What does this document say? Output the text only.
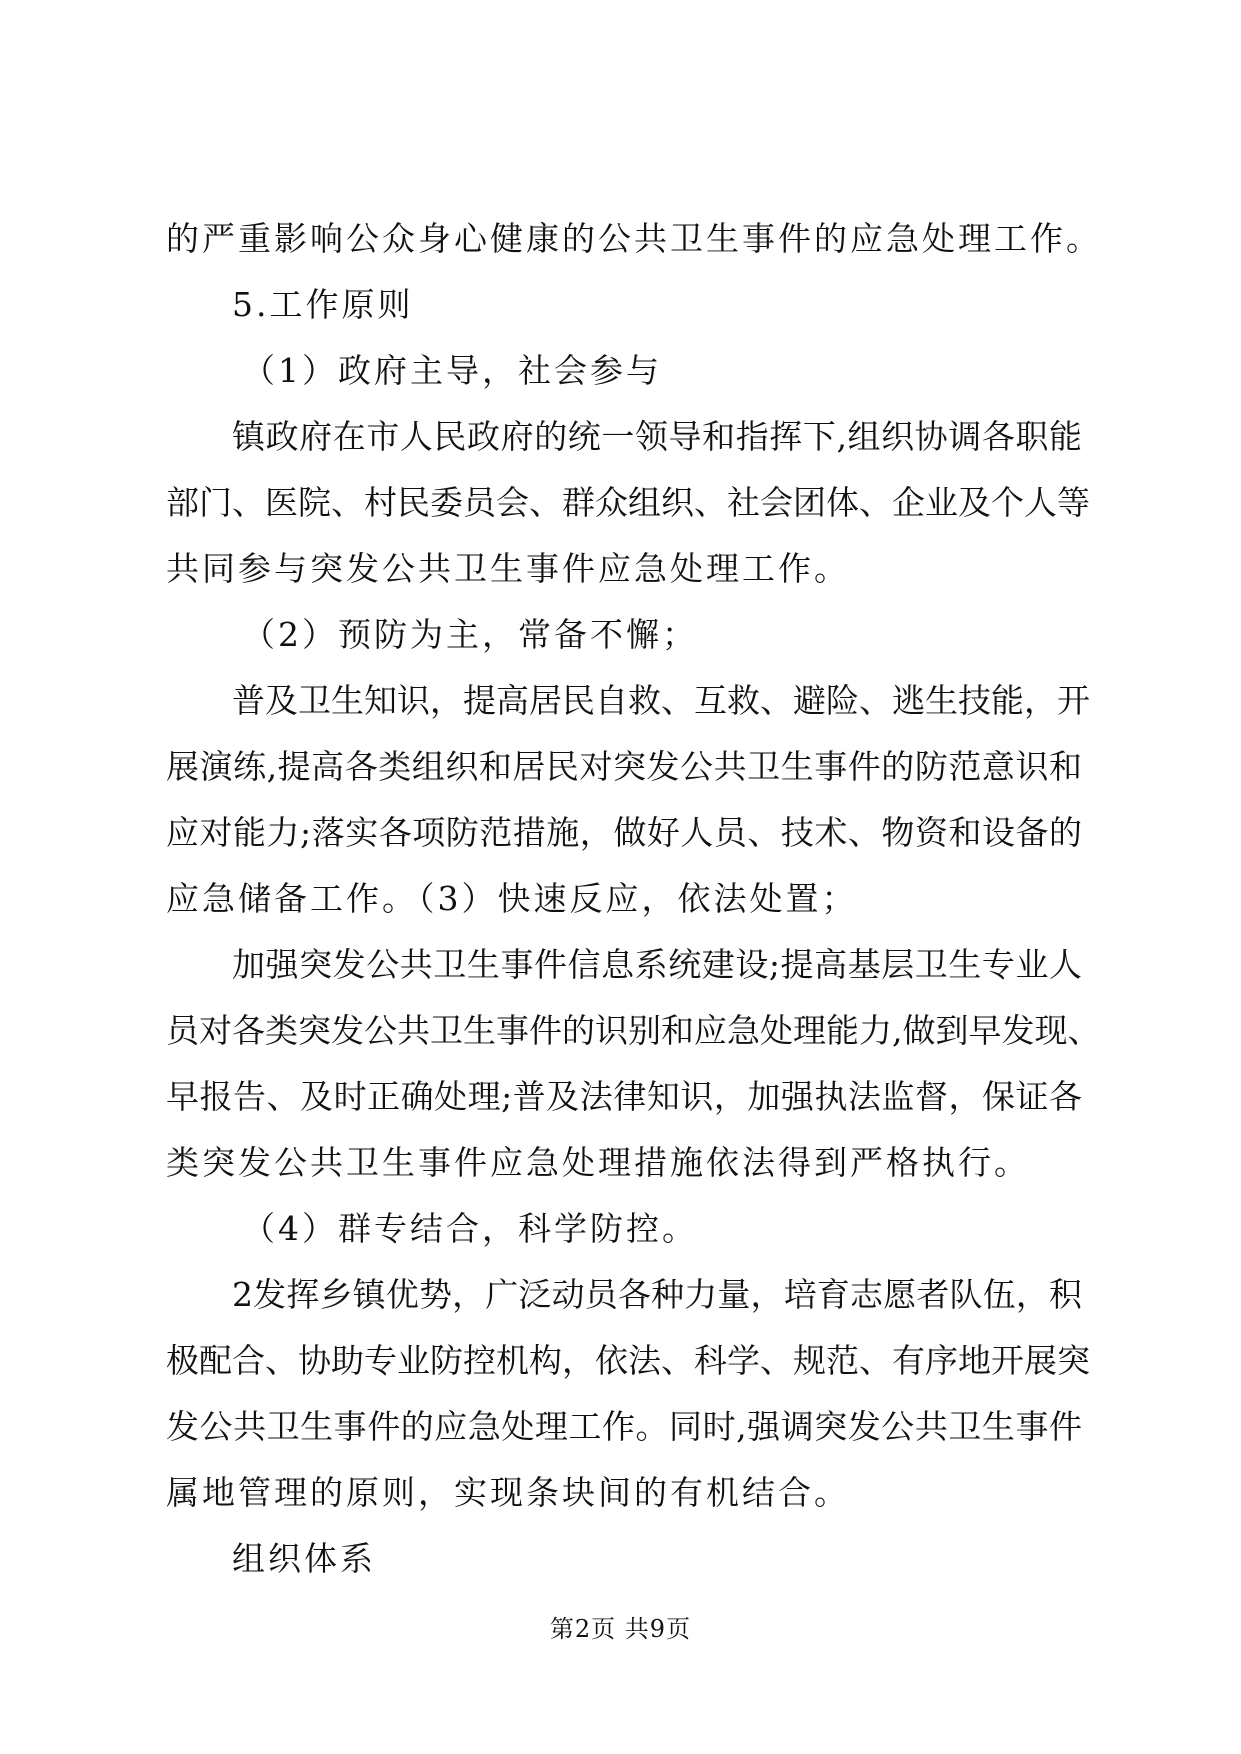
的严重影响公众身心健康的公共卫生事件的应急处理工作。
5.工作原则
（1）政府主导，社会参与
镇政府在市人民政府的统一领导和指挥下,组织协调各职能
部门、医院、村民委员会、群众组织、社会团体、企业及个人等
共同参与突发公共卫生事件应急处理工作。
（2）预防为主，常备不懈；
普及卫生知识，提高居民自救、互救、避险、逃生技能，开
展演练,提高各类组织和居民对突发公共卫生事件的防范意识和
应对能力;落实各项防范措施，做好人员、技术、物资和设备的
应急储备工作。（3）快速反应，依法处置；
加强突发公共卫生事件信息系统建设;提高基层卫生专业人
员对各类突发公共卫生事件的识别和应急处理能力,做到早发现、
早报告、及时正确处理;普及法律知识，加强执法监督，保证各
类突发公共卫生事件应急处理措施依法得到严格执行。
（4）群专结合，科学防控。
2发挥乡镇优势，广泛动员各种力量，培育志愿者队伍，积
极配合、协助专业防控机构，依法、科学、规范、有序地开展突
发公共卫生事件的应急处理工作。同时,强调突发公共卫生事件
属地管理的原则，实现条块间的有机结合。
组织体系
第2页 共9页
